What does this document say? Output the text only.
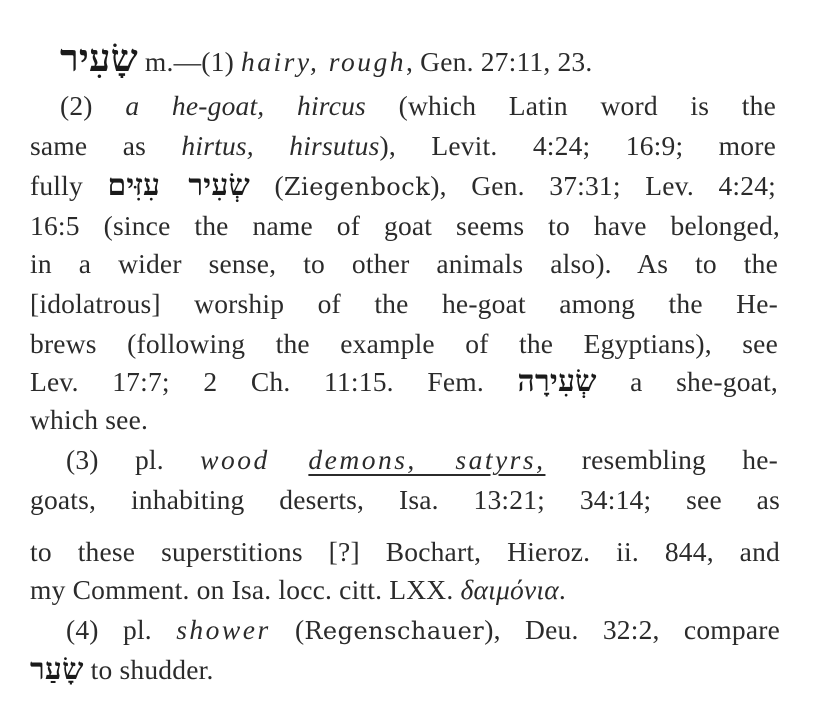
שָׂעִיר m.—(1) hairy, rough, Gen. 27:11, 23.
(2) a he-goat, hircus (which Latin word is the
same as hirtus, hirsutus), Levit. 4:24; 16:9; more
fully שְׂעִיר עִזִּים (Ziegenbock), Gen. 37:31; Lev. 4:24;
16:5 (since the name of goat seems to have belonged,
in a wider sense, to other animals also). As to the
[idolatrous] worship of the he-goat among the He-
brews (following the example of the Egyptians), see
Lev. 17:7; 2 Ch. 11:15. Fem. שְׂעִירָה a she-goat,
which see.
(3) pl. wood demons, satyrs, resembling he-
goats, inhabiting deserts, Isa. 13:21; 34:14; see as
to these superstitions [?] Bochart, Hieroz. ii. 844, and
my Comment. on Isa. locc. citt. LXX. δαιμόνια.
(4) pl. shower (Regenschauer), Deu. 32:2, compare
שָׂעַר to shudder.
